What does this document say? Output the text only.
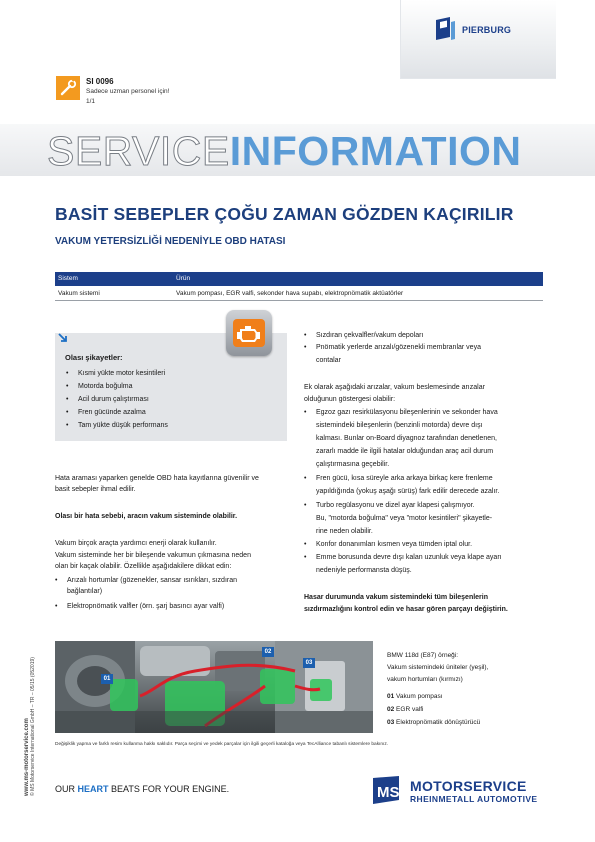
PIERBURG
SI 0096
Sadece uzman personel için!
1/1
SERVICEINFORMATION
BASİT SEBEPLER ÇOĞU ZAMAN GÖZDEN KAÇIRILIR
VAKUM YETERSİZLİĞİ NEDENİYLE OBD HATASI
Sistem	Ürün
Vakum sistemi	Vakum pompası, EGR valfi, sekonder hava supabı, elektropnömatik aktüatörler
Olası şikayetler:
Kısmi yükte motor kesintileri
Motorda boğulma
Acil durum çalıştırması
Fren gücünde azalma
Tam yükte düşük performans
Hata araması yaparken genelde OBD hata kayıtlarına güvenilir ve
basit sebepler ihmal edilir.
Olası bir hata sebebi, aracın vakum sisteminde olabilir.
Vakum birçok araçta yardımcı enerji olarak kullanılır.
Vakum sisteminde her bir bileşende vakumun çıkmasına neden
olan bir kaçak olabilir. Özellikle aşağıdakilere dikkat edin:
Arızalı hortumlar (gözenekler, sansar ısırıkları, sızdıran
bağlantılar)
Elektropnömatik valfler (örn. şarj basıncı ayar valfi)
Sızdıran çekvalfler/vakum depoları
Pnömatik yerlerde arızalı/gözenekli membranlar veya
contalar
Ek olarak aşağıdaki arızalar, vakum beslemesinde arızalar
olduğunun göstergesi olabilir:
Egzoz gazı resirkülasyonu bileşenlerinin ve sekonder hava
sistemindeki bileşenlerin (benzinli motorda) devre dışı
kalması. Bunlar on-Board diyagnoz tarafından denetlenen,
zararlı madde ile ilgili hatalar olduğundan araç acil durum
çalıştırmasına geçebilir.
Fren gücü, kısa süreyle arka arkaya birkaç kere frenleme
yapıldığında (yokuş aşağı sürüş) fark edilir derecede azalır.
Turbo regülasyonu ve dizel ayar klapesi çalışmıyor.
Bu, "motorda boğulma" veya "motor kesintileri" şikayetle-
rine neden olabilir.
Konfor donanımları kısmen veya tümden iptal olur.
Emme borusunda devre dışı kalan uzunluk veya klape ayarı
nedeniyle performansta düşüş.
Hasar durumunda vakum sistemindeki tüm bileşenlerin
sızdırmazlığını kontrol edin ve hasar gören parçayı değiştirin.
01
02
03
BMW 118d (E87) örneği:
Vakum sistemindeki üniteler (yeşil),
vakum hortumları (kırmızı)
01 Vakum pompası
02 EGR valfi
03 Elektropnömatik dönüştürücü
Değişiklik yapma ve farklı resim kullanma hakkı saklıdır. Parça seçimi ve yedek parçalar için ilgili geçerli kataloğa veya TecAlliance tabanlı sistemlere bakınız.
OUR HEART BEATS FOR YOUR ENGINE.	MS MOTORSERVICE
RHEINMETALL AUTOMOTIVE
www.ms-motorservice.com
© MS Motorservice International GmbH – TR – 05/15 (052019)
